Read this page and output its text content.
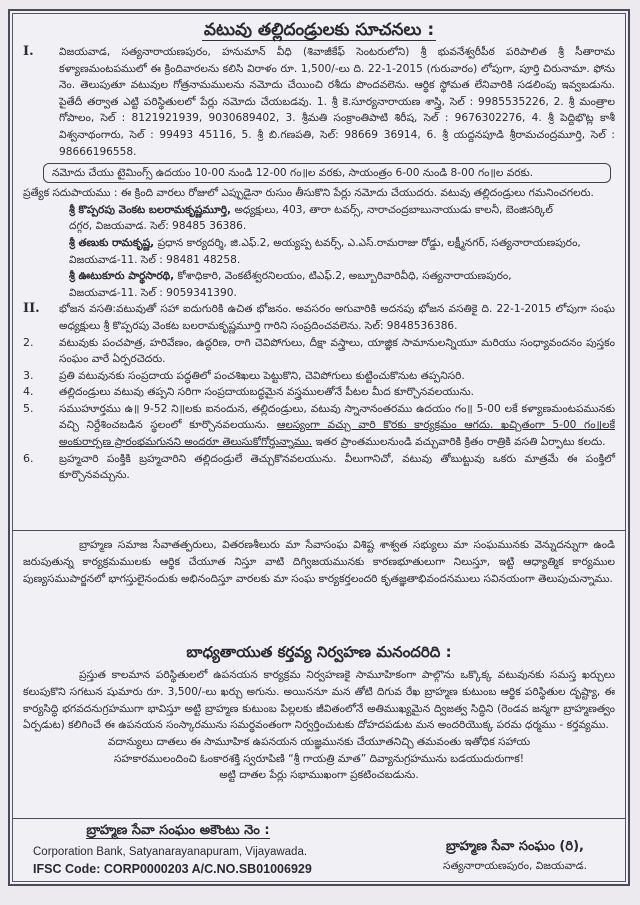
వటువు తల్లిదండ్రులకు సూచనలు :
I.	విజయవాడ, సత్యనారాయణపురం, హనుమాన్ వీధి (శివాజీకేఫ్ సెంటరులోని) శ్రీ భువనేశ్వరీపీఠ పరిపాలిత శ్రీ సీతారామ కళ్యాణమంటపములో ఈ క్రిందివారలను కలిసి విరాళం రూ. 1,500/-లు ది. 22-1-2015 (గురువారం) లోపుగా, పూర్తి చిరునామా. ఫోను నెం. తెలుపుతూ వటువుల గోత్రనామములను నమోదు చేయించి రశీదు పొందవలెను. ఆర్థిక స్థోమత లేనివారికి సడలింపు ఇవ్వబడును. పైతేదీ తర్వాత ఎట్టి పరిస్థితులలో పేర్లు నమోదు చేయబడవు. 1. శ్రీ కె.సూర్యనారాయణ శాస్త్రి, సెల్ : 9985535226, 2. శ్రీ మంత్రాల గోపాలం, సెల్ : 8121921939, 9030689402, 3. శ్రీమతి సంక్రాంతిపాటి శిరీష, సెల్ : 9676302276, 4. శ్రీ పెద్దిభొట్ల కాశీ విశ్వనాథంగారు, సెల్ : 99493 45116, 5. శ్రీ బి.గణపతి, సెల్: 98669 36914, 6. శ్రీ యద్దనపూడి శ్రీరామచంద్రమూర్తి, సెల్ : 98666196558.
నమోదు చేయు టైమింగ్స్ ఉదయం 10-00 నుండి 12-00 గం॥ల వరకు, సాయంత్రం 6-00 నుండి 8-00 గం॥ల వరకు.
ప్రత్యేక సదుపాయము : ఈ క్రింది వారలు రోజులో ఎప్పుడైనా రుసుం తీసుకొని పేర్లు నమోదు చేయుదరు. వటువు తల్లిదండ్రులు గమనించగలరు.
శ్రీ కొప్పరపు వెంకట బలరామకృష్ణమూర్తి, అధ్యక్షులు, 403, తారా టవర్స్, నారాచంద్రబాబునాయుడు కాలనీ, బెంజిసర్కిల్
దగ్గర, విజయవాడ. సెల్: 98485 36386.
శ్రీ తణుకు రామకృష్ణ, ప్రధాన కార్యదర్శి, జి.ఎఫ్.2, అయ్యప్ప టవర్స్, ఎ.ఎస్.రామరాజు రోడ్డు, లక్ష్మీనగర్, సత్యనారాయణపురం,
విజయవాడ-11. సెల్ : 98481 48258.
శ్రీ ఊటుకూరు పార్థసారథి, కోశాధికారి, వెంకటేశ్వరనిలయం, టిఎఫ్.2, అబ్బూరివారివీధి, సత్యనారాయణపురం,
విజయవాడ-11. సెల్ : 9059341390.
II.	భోజన వసతి:వటువుతో సహా ఐదుగురికి ఉచిత భోజనం. అవసరం అగువారికి అదనపు భోజన వసతికై ది. 22-1-2015 లోపుగా సంఘ అధ్యక్షులు శ్రీ కొప్పరపు వెంకట బలరామకృష్ణమూర్తి గారిని సంప్రదించవలెను. సెల్: 9848536386.
2.	వటువుకు పంచపాత్ర, హరివేణం, ఉద్ధరిణ, రాగి చెవిపోగులు, దీక్షా వస్త్రాలు, యాజ్ఞిక సామానులన్నియూ మరియు సంధ్యావందనం పుస్తకం సంఘం వారే ఏర్పరచెదరు.
3.	ప్రతి వటువునకు సంప్రదాయ పద్ధతిలో పంచశిఖలు పెట్టుకొని, చెవిపోగులు కుట్టించుకొనుట తప్పనిసరి.
4.	తల్లిదండ్రులు వటువు తప్పని సరిగా సంప్రదాయబద్ధమైన వస్త్రములతోనే పీటల మీద కూర్చొనవలయును.
5.	సముహూర్తము ఉ॥ 9-52 ని॥లకు ఐనందున, తల్లిదండ్రులు, వటువు స్నానానంతరము ఉదయం గం॥ 5-00 లకే కళ్యాణమంటపమునకు వచ్చి నిర్దేశించబడిన స్థలంలో కూర్చొనవలయును. ఆలస్యంగా వచ్చు వారి కొరకు కార్యక్రమం ఆగదు. ఖచ్చితంగా 5-00 గం॥లకే అంకురార్పణ ప్రారంభమగునని అందరూ తెలుసుకోగోర్తున్నాము. ఇతర ప్రాంతములనుండి వచ్చువారికి క్రితం రాత్రికి వసతి ఏర్పాటు కలదు.
6.	బ్రహ్మచారి పంక్తికి బ్రహ్మచారిని తల్లిదండ్రులే తెచ్చుకొనవలయును. వీలుగానిచో, వటువు తోబుట్టువు ఒకరు మాత్రమే ఈ పంక్తిలో కూర్చొనవచ్చును.
బ్రాహ్మణ సమాజ సేవాతత్పరులు, వితరణశీలురు మా సేవాసంఘ విశిష్ట శాశ్వత సభ్యులు మా సంఘమునకు వెన్నుదన్నుగా ఉండి జరుపుతున్న కార్యక్రమములకు ఆర్థిక చేయూత నిస్తూ వాటి దిగ్విజయమునకు కారణభూతులుగా నిలుస్తూ, ఇట్టి ఆధ్యాత్మిక కార్యముల పుణ్యసముపార్జనలో భాగస్తులైనందుకు అభినందిస్తూ వారలకు మా సంఘ కార్యకర్తలందరి కృతజ్ఞతాభివందనములు సవినయంగా తెలుపుచున్నాము.
బాధ్యతాయుత కర్తవ్య నిర్వహణ మనందరిది :
ప్రస్తుత కాలమాన పరిస్థితులలో ఉపనయన కార్యక్రమ నిర్వహణకై సామూహికంగా పాల్గొను ఒక్కొక్క వటువునకు సమస్త ఖర్చులు కలుపుకొని సగటున షుమారు రూ. 3,500/-లు ఖర్చు అగును. అయిననూ మన తోటి దిగువ రేఖ బ్రాహ్మణ కుటుంబ ఆర్థిక పరిస్థితుల దృష్ట్యా, ఈ కార్యసిద్ధి భగవదనుగ్రహముగా భావిస్తూ అట్టి బ్రాహ్మణ కుటుంబ పిల్లలకు జీవితంలోనే అతిముఖ్యమైన ద్విజత్వ సిద్ధిని (రెండవ జన్మగా బ్రాహ్మణత్వం ఏర్పడుట) కలిగించే ఈ ఉపనయన సంస్కారమును సమర్థవంతంగా నిర్వర్తించుటకు దోహదపడుట మన అందరియొక్క పరమ ధర్మము - కర్తవ్యము.
వదాన్యులు దాతలు ఈ సామూహిక ఉపనయన యజ్ఞమునకు చేయూతనిచ్చి తమవంతు ఇతోధిక సహాయ
సహకారములందించి ఓంకారశక్తి స్వరూపిణి “శ్రీ గాయత్రి మాత” దివ్యానుగ్రహమును బడయుదురుగాక!
అట్టి దాతల పేర్లు సభాముఖంగా ప్రకటించబడును.
బ్రాహ్మణ సేవా సంఘం అకౌంటు నెం :
Corporation Bank, Satyanarayanapuram, Vijayawada.
IFSC Code: CORP0000203 A/C.NO.SB01006929
బ్రాహ్మణ సేవా సంఘం (రి),
సత్యనారాయణపురం, విజయవాడ.
